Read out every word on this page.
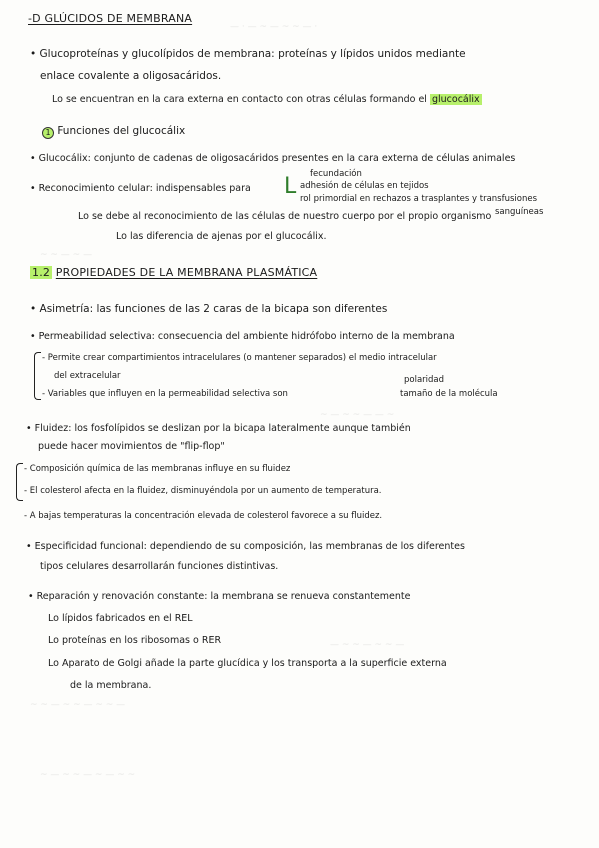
— · — ~ — ~ ~ — ·
~ ~ — ~ —
~ — ~ ~ — — ~
— ~ ~ — ~ ~ —
~ ~ — ~ ~ — ~ ~ —
~ — ~ ~ — ~ — ~ ~
-D GLÚCIDOS DE MEMBRANA
• Glucoproteínas y glucolípidos de membrana: proteínas y lípidos unidos mediante
enlace covalente a oligosacáridos.
Lo se encuentran en la cara externa en contacto con otras células formando el glucocálix
1 Funciones del glucocálix
• Glucocálix: conjunto de cadenas de oligosacáridos presentes en la cara externa de células animales
• Reconocimiento celular: indispensables para L fecundación
adhesión de células en tejidos
rol primordial en rechazos a trasplantes y transfusiones
sanguíneas
Lo se debe al reconocimiento de las células de nuestro cuerpo por el propio organismo
Lo las diferencia de ajenas por el glucocálix.
1.2 PROPIEDADES DE LA MEMBRANA PLASMÁTICA
• Asimetría: las funciones de las 2 caras de la bicapa son diferentes
• Permeabilidad selectiva: consecuencia del ambiente hidrófobo interno de la membrana
- Permite crear compartimientos intracelulares (o mantener separados) el medio intracelular
del extracelular
- Variables que influyen en la permeabilidad selectiva son
polaridad
tamaño de la molécula
• Fluidez: los fosfolípidos se deslizan por la bicapa lateralmente aunque también
puede hacer movimientos de "flip-flop"
- Composición química de las membranas influye en su fluidez
- El colesterol afecta en la fluidez, disminuyéndola por un aumento de temperatura.
- A bajas temperaturas la concentración elevada de colesterol favorece a su fluidez.
• Especificidad funcional: dependiendo de su composición, las membranas de los diferentes
tipos celulares desarrollarán funciones distintivas.
• Reparación y renovación constante: la membrana se renueva constantemente
Lo lípidos fabricados en el REL
Lo proteínas en los ribosomas o RER
Lo Aparato de Golgi añade la parte glucídica y los transporta a la superficie externa
de la membrana.
